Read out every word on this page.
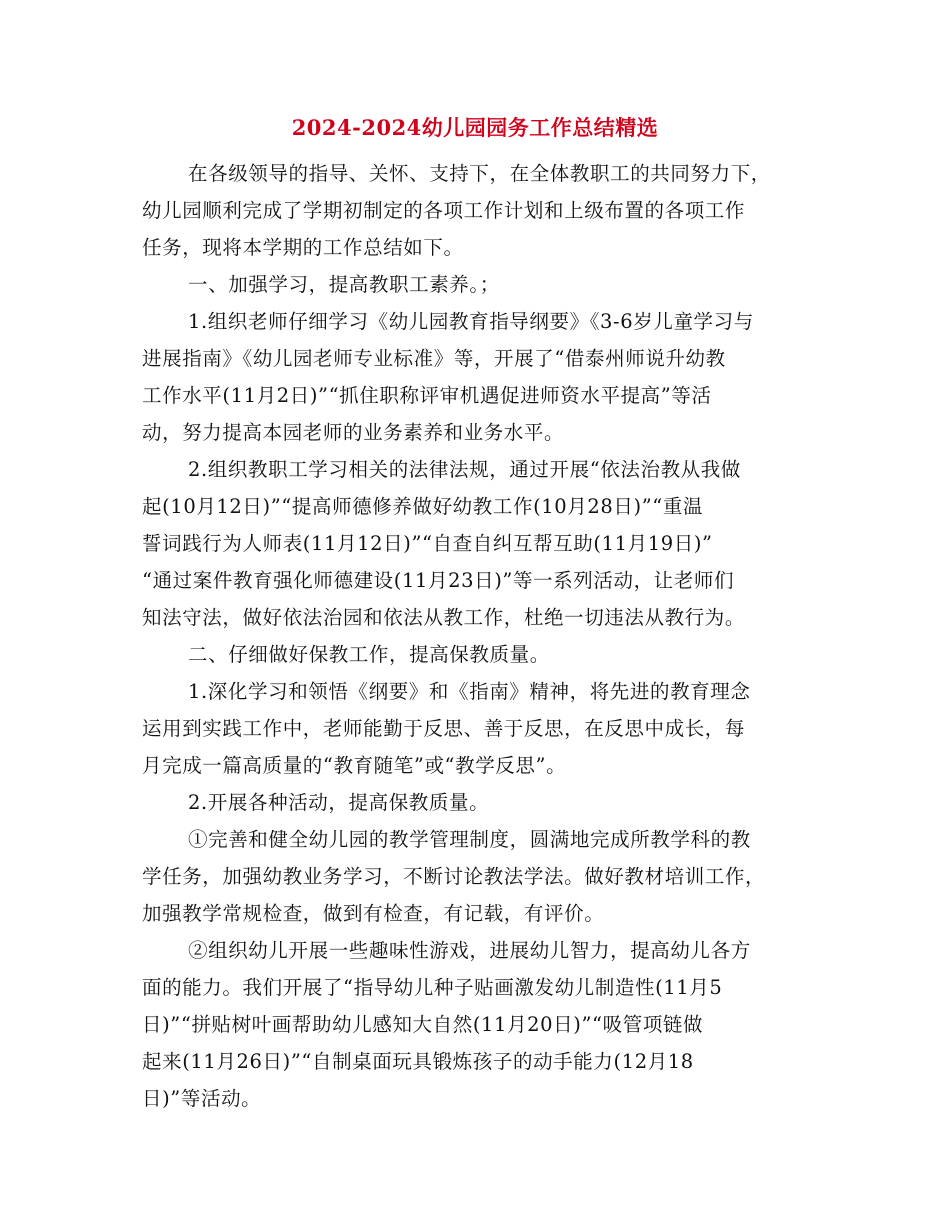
2024-2024幼儿园园务工作总结精选
在各级领导的指导、关怀、支持下，在全体教职工的共同努力下，
幼儿园顺利完成了学期初制定的各项工作计划和上级布置的各项工作
任务，现将本学期的工作总结如下。
一、加强学习，提高教职工素养。；
1.组织老师仔细学习《幼儿园教育指导纲要》《3-6岁儿童学习与
进展指南》《幼儿园老师专业标准》等，开展了“借泰州师说升幼教
工作水平(11月2日)”“抓住职称评审机遇促进师资水平提高”等活
动，努力提高本园老师的业务素养和业务水平。
2.组织教职工学习相关的法律法规，通过开展“依法治教从我做
起(10月12日)”“提高师德修养做好幼教工作(10月28日)”“重温
誓词践行为人师表(11月12日)”“自查自纠互帮互助(11月19日)”
“通过案件教育强化师德建设(11月23日)”等一系列活动，让老师们
知法守法，做好依法治园和依法从教工作，杜绝一切违法从教行为。
二、仔细做好保教工作，提高保教质量。
1.深化学习和领悟《纲要》和《指南》精神，将先进的教育理念
运用到实践工作中，老师能勤于反思、善于反思，在反思中成长，每
月完成一篇高质量的“教育随笔”或“教学反思”。
2.开展各种活动，提高保教质量。
①完善和健全幼儿园的教学管理制度，圆满地完成所教学科的教
学任务，加强幼教业务学习，不断讨论教法学法。做好教材培训工作，
加强教学常规检查，做到有检查，有记载，有评价。
②组织幼儿开展一些趣味性游戏，进展幼儿智力，提高幼儿各方
面的能力。我们开展了“指导幼儿种子贴画激发幼儿制造性(11月5
日)”“拼贴树叶画帮助幼儿感知大自然(11月20日)”“吸管项链做
起来(11月26日)”“自制桌面玩具锻炼孩子的动手能力(12月18
日)”等活动。
